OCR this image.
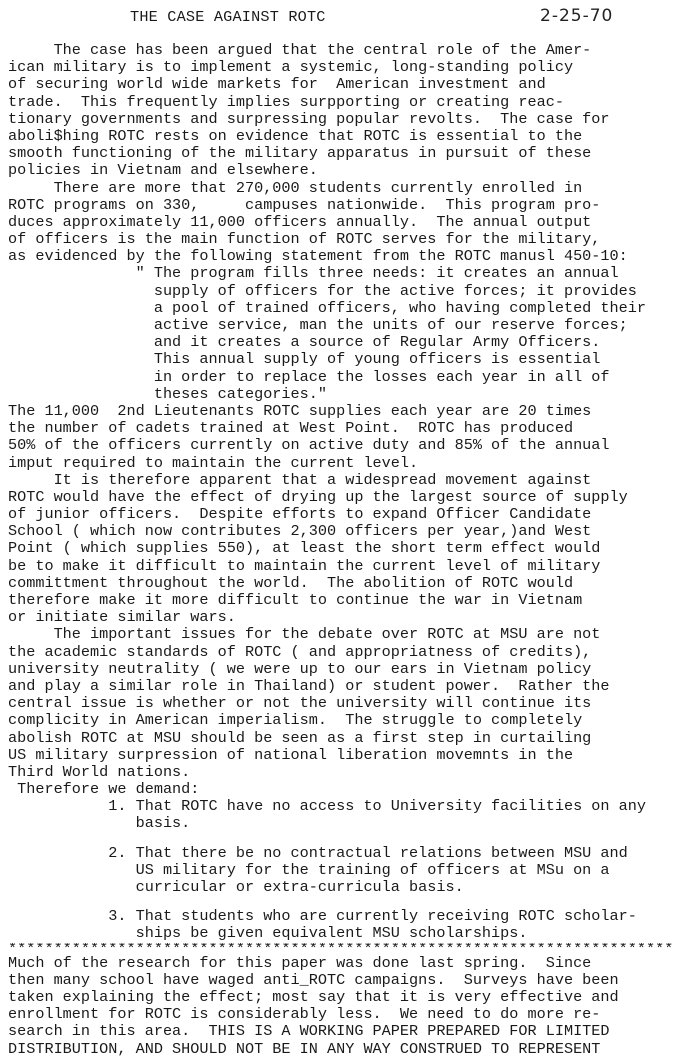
THE CASE AGAINST ROTC	2-25-70
The case has been argued that the central role of the Amer-
ican military is to implement a systemic, long-standing policy
of securing world wide markets for  American investment and
trade.  This frequently implies surpporting or creating reac-
tionary governments and surpressing popular revolts.  The case for
aboli$hing ROTC rests on evidence that ROTC is essential to the
smooth functioning of the military apparatus in pursuit of these
policies in Vietnam and elsewhere.
There are more that 270,000 students currently enrolled in
ROTC programs on 330,     campuses nationwide.  This program pro-
duces approximately 11,000 officers annually.  The annual output
of officers is the main function of ROTC serves for the military,
as evidenced by the following statement from the ROTC manusl 450-10:
" The program fills three needs: it creates an annual
supply of officers for the active forces; it provides
a pool of trained officers, who having completed their
active service, man the units of our reserve forces;
and it creates a source of Regular Army Officers.
This annual supply of young officers is essential
in order to replace the losses each year in all of
theses categories."
The 11,000  2nd Lieutenants ROTC supplies each year are 20 times
the number of cadets trained at West Point.  ROTC has produced
50% of the officers currently on active duty and 85% of the annual
imput required to maintain the current level.
It is therefore apparent that a widespread movement against
ROTC would have the effect of drying up the largest source of supply
of junior officers.  Despite efforts to expand Officer Candidate
School ( which now contributes 2,300 officers per year,)and West
Point ( which supplies 550), at least the short term effect would
be to make it difficult to maintain the current level of military
committment throughout the world.  The abolition of ROTC would
therefore make it more difficult to continue the war in Vietnam
or initiate similar wars.
The important issues for the debate over ROTC at MSU are not
the academic standards of ROTC ( and appropriatness of credits),
university neutrality ( we were up to our ears in Vietnam policy
and play a similar role in Thailand) or student power.  Rather the
central issue is whether or not the university will continue its
complicity in American imperialism.  The struggle to completely
abolish ROTC at MSU should be seen as a first step in curtailing
US military surpression of national liberation movemnts in the
Third World nations.
Therefore we demand:
1. That ROTC have no access to University facilities on any
basis.
2. That there be no contractual relations between MSU and
US military for the training of officers at MSu on a
curricular or extra-curricula basis.
3. That students who are currently receiving ROTC scholar-
ships be given equivalent MSU scholarships.
*************************************************************************
Much of the research for this paper was done last spring.  Since
then many school have waged anti_ROTC campaigns.  Surveys have been
taken explaining the effect; most say that it is very effective and
enrollment for ROTC is considerably less.  We need to do more re-
search in this area.  THIS IS A WORKING PAPER PREPARED FOR LIMITED
DISTRIBUTION, AND SHOULD NOT BE IN ANY WAY CONSTRUED TO REPRESENT
